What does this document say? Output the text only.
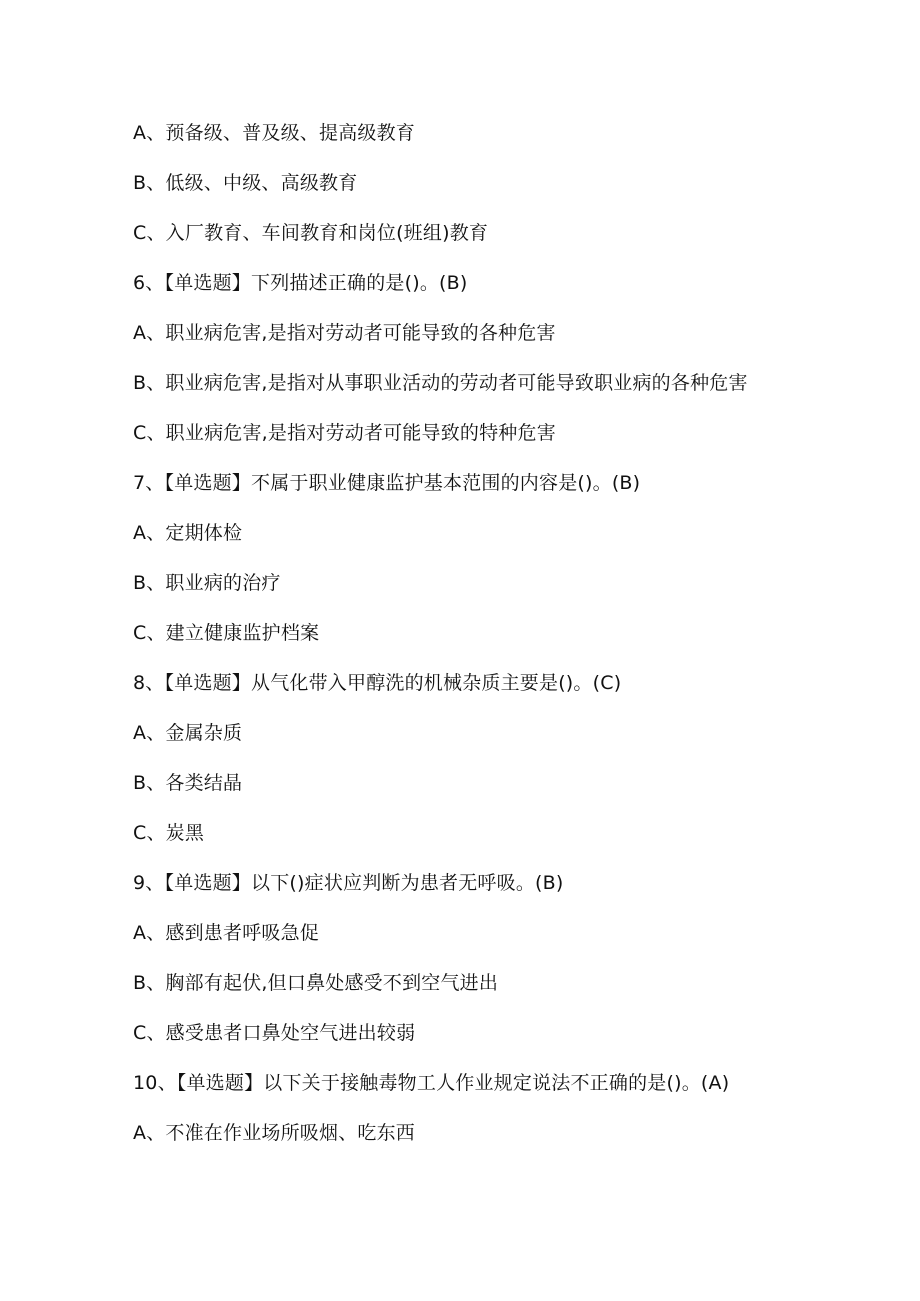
A、预备级、普及级、提高级教育
B、低级、中级、高级教育
C、入厂教育、车间教育和岗位(班组)教育
6、【单选题】下列描述正确的是()。(B)
A、职业病危害,是指对劳动者可能导致的各种危害
B、职业病危害,是指对从事职业活动的劳动者可能导致职业病的各种危害
C、职业病危害,是指对劳动者可能导致的特种危害
7、【单选题】不属于职业健康监护基本范围的内容是()。(B)
A、定期体检
B、职业病的治疗
C、建立健康监护档案
8、【单选题】从气化带入甲醇洗的机械杂质主要是()。(C)
A、金属杂质
B、各类结晶
C、炭黑
9、【单选题】以下()症状应判断为患者无呼吸。(B)
A、感到患者呼吸急促
B、胸部有起伏,但口鼻处感受不到空气进出
C、感受患者口鼻处空气进出较弱
10、【单选题】以下关于接触毒物工人作业规定说法不正确的是()。(A)
A、不准在作业场所吸烟、吃东西
